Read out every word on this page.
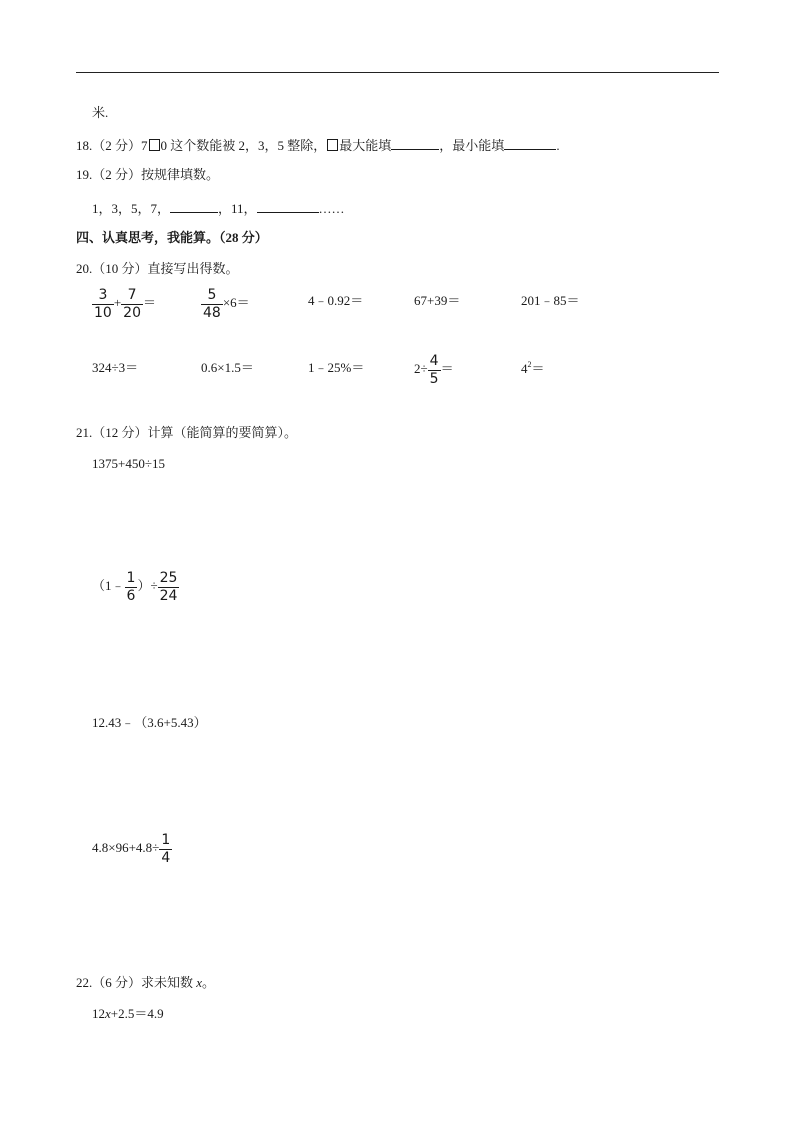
米.
18.（2 分）7 0 这个数能被 2，3，5 整除， 最大能填	，最小能填	.
19.（2 分）按规律填数。
1，3，5，7，	，11，	……
四、认真思考，我能算。（28 分）
20.（10 分）直接写出得数。
$\frac{3}{10} + \frac{7}{20}$ ＝	$\frac{5}{48} \times 6=$	4﹣0.92＝	67+39＝	201﹣85＝
324÷3＝	0.6×1.5＝	1﹣25%＝	$2\div \frac{4}{5}$ ＝	$4^2=$
21.（12 分）计算（能简算的要简算）。
1375+450÷15
（1﹣ $\frac{1}{6}$ ）÷ $\frac{25}{24}$
12.43﹣（3.6+5.43）
$4.8\times 96+4.8\div \frac{1}{4}$
22.（6 分）求未知数 x。
12x+2.5＝4.9
